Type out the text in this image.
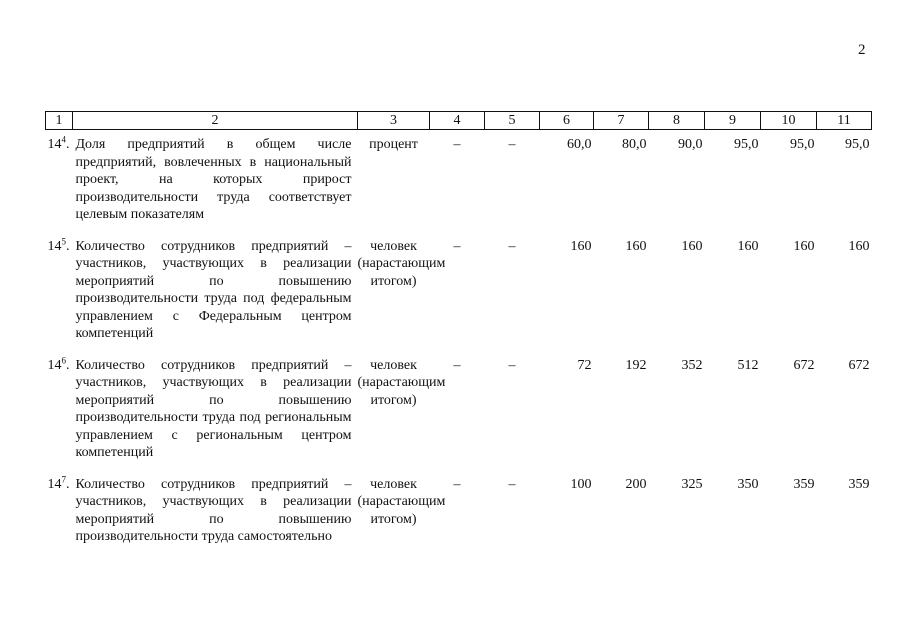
2
1	2	3	4	5	6	7	8	9	10	11
$14^4$.	Доля предприятий в общем числе предприятий, вовлеченных в национальный проект, на которых прирост производительности труда соответствует целевым показателям	процент	–	–	60,0	80,0	90,0	95,0	95,0	95,0
$14^5$.	Количество сотрудников предприятий – участников, участвующих в реализации мероприятий по повышению производительности труда под федеральным управлением с Федеральным центром компетенций	человек (нарастающим итогом)	–	–	160	160	160	160	160	160
$14^6$.	Количество сотрудников предприятий – участников, участвующих в реализации мероприятий по повышению производительности труда под региональным управлением с региональным центром компетенций	человек (нарастающим итогом)	–	–	72	192	352	512	672	672
$14^7$.	Количество сотрудников предприятий – участников, участвующих в реализации мероприятий по повышению производительности труда самостоятельно	человек (нарастающим итогом)	–	–	100	200	325	350	359	359
